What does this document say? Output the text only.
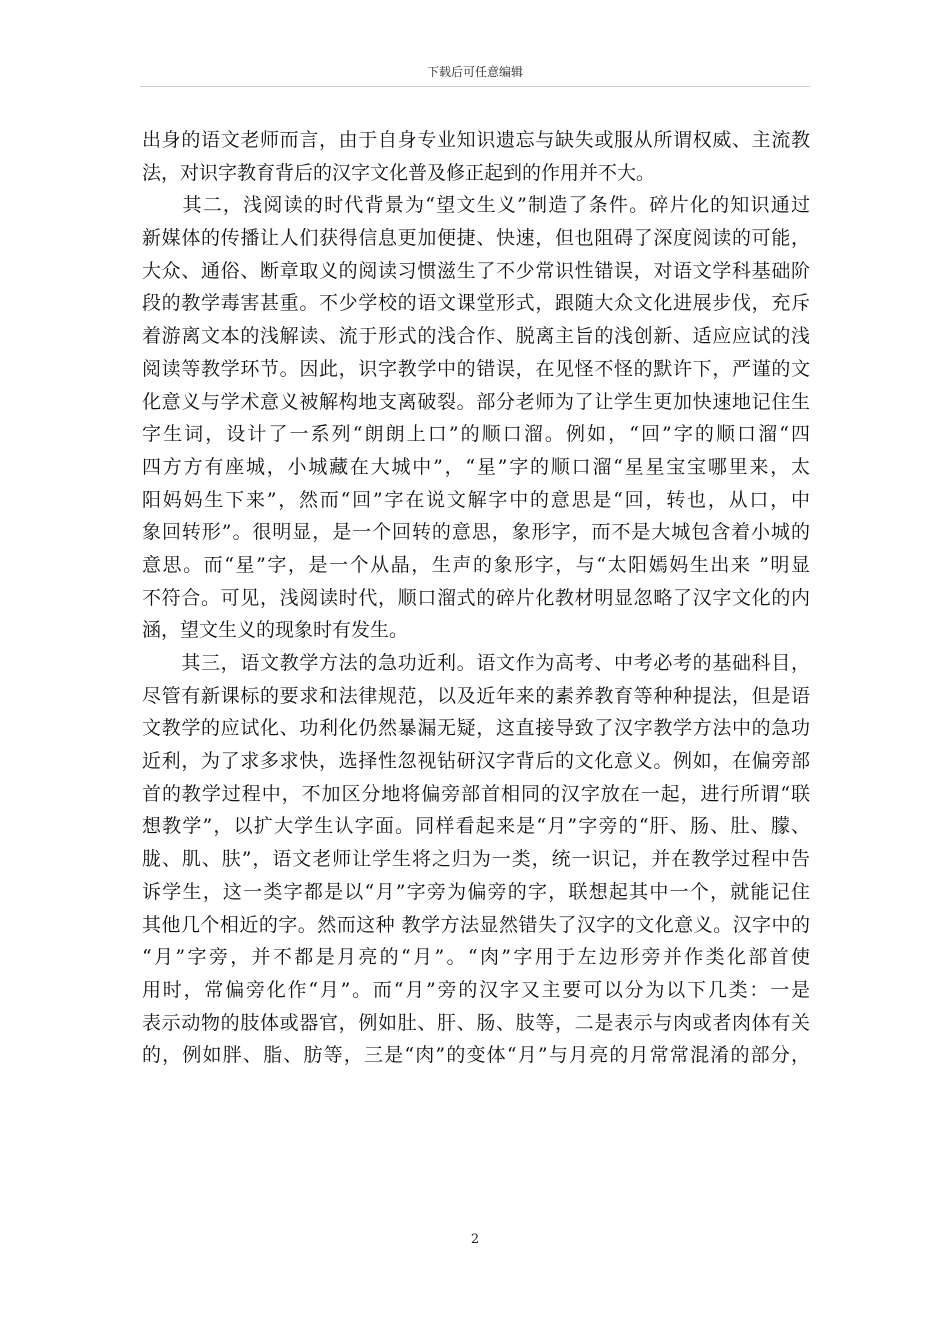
下载后可任意编辑
出身的语文老师而言，由于自身专业知识遗忘与缺失或服从所谓权威、主流教
法，对识字教育背后的汉字文化普及修正起到的作用并不大。
　　其二，浅阅读的时代背景为“望文生义”制造了条件。碎片化的知识通过
新媒体的传播让人们获得信息更加便捷、快速，但也阻碍了深度阅读的可能，
大众、通俗、断章取义的阅读习惯滋生了不少常识性错误，对语文学科基础阶
段的教学毒害甚重。不少学校的语文课堂形式，跟随大众文化进展步伐，充斥
着游离文本的浅解读、流于形式的浅合作、脱离主旨的浅创新、适应应试的浅
阅读等教学环节。因此，识字教学中的错误，在见怪不怪的默许下，严谨的文
化意义与学术意义被解构地支离破裂。部分老师为了让学生更加快速地记住生
字生词，设计了一系列“朗朗上口”的顺口溜。例如，“回”字的顺口溜“四
四方方有座城，小城藏在大城中”，“星”字的顺口溜“星星宝宝哪里来，太
阳妈妈生下来”，然而“回”字在说文解字中的意思是“回，转也，从口，中
象回转形”。很明显，是一个回转的意思，象形字，而不是大城包含着小城的
意思。而“星”字，是一个从晶，生声的象形字，与“太阳嫣妈生出来 ”明显
不符合。可见，浅阅读时代，顺口溜式的碎片化教材明显忽略了汉字文化的内
涵，望文生义的现象时有发生。
　　其三，语文教学方法的急功近利。语文作为高考、中考必考的基础科目，
尽管有新课标的要求和法律规范，以及近年来的素养教育等种种提法，但是语
文教学的应试化、功利化仍然暴漏无疑，这直接导致了汉字教学方法中的急功
近利，为了求多求快，选择性忽视钻研汉字背后的文化意义。例如，在偏旁部
首的教学过程中，不加区分地将偏旁部首相同的汉字放在一起，进行所谓“联
想教学”，以扩大学生认字面。同样看起来是“月”字旁的“肝、肠、肚、朦、
胧、肌、肤”，语文老师让学生将之归为一类，统一识记，并在教学过程中告
诉学生，这一类字都是以“月”字旁为偏旁的字，联想起其中一个，就能记住
其他几个相近的字。然而这种 教学方法显然错失了汉字的文化意义。汉字中的
“月”字旁，并不都是月亮的“月”。“肉”字用于左边形旁并作类化部首使
用时，常偏旁化作“月”。而“月”旁的汉字又主要可以分为以下几类：一是
表示动物的肢体或器官，例如肚、肝、肠、肢等，二是表示与肉或者肉体有关
的，例如胖、脂、肪等，三是“肉”的变体“月”与月亮的月常常混淆的部分，
2
